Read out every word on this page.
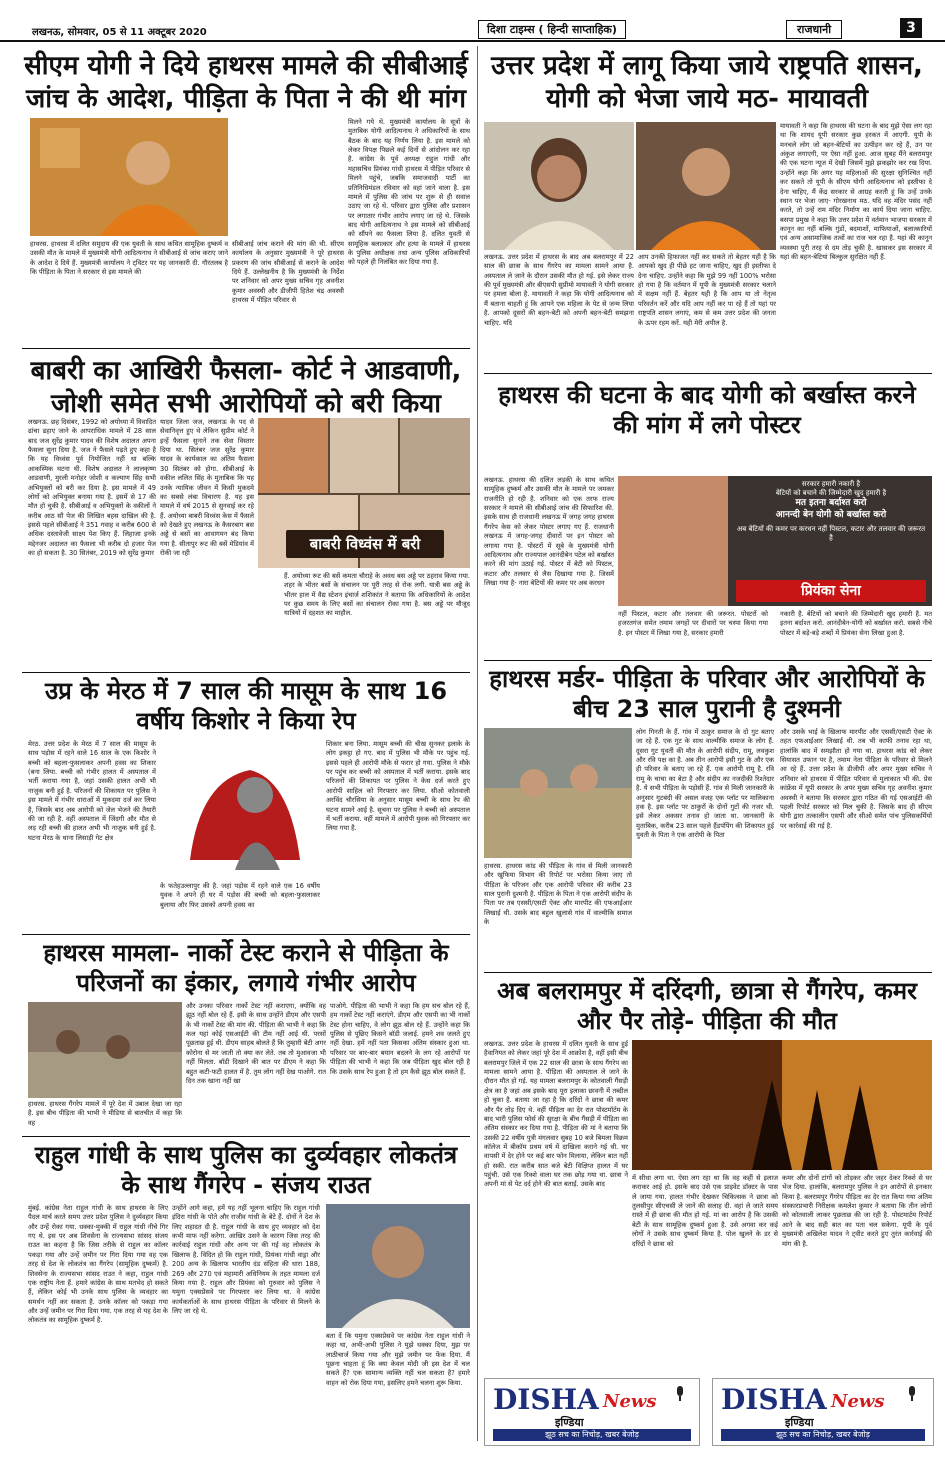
लखनऊ, सोमवार, 05 से 11 अक्टूबर 2020	दिशा टाइम्स ( हिन्दी साप्ताहिक)	राजधानी	3
सीएम योगी ने दिये हाथरस मामले की सीबीआई जांच के आदेश, पीड़िता के पिता ने की थी मांग
हाथरस. हाथरस में दलित समुदाय की एक युवती के साथ कथित सामूहिक दुष्कर्म व उसकी मौत के मामले में मुख्यमंत्री योगी आदित्यनाथ ने सीबीआई से जांच कराए जाने के आदेश दे दिये हैं. मुख्यमंत्री कार्यालय ने ट्विटर पर यह जानकारी दी. गौरतलब है कि पीड़िता के पिता ने सरकार से इस मामले की
सीबीआई जांच कराने की मांग की थी. सीएम कार्यालय के अनुसार मुख्यमंत्री ने पूरे हाथरस प्रकरण की जांच सीबीआई से कराने के आदेश दिये हैं. उल्लेखनीय है कि मुख्यमंत्री के निर्देश पर शनिवार को अपर मुख्य सचिव गृह अवनीश कुमार अवस्थी और डीजीपी हितेश चंद्र अवस्थी हाथरस में पीड़ित परिवार से
मिलने गये थे. मुख्यमंत्री कार्यालय के सूत्रों के मुताबिक योगी आदित्यनाथ ने अधिकारियों के साथ बैठक के बाद यह निर्णय लिया है. इस मामले को लेकर विपक्ष पिछले कई दिनों से आंदोलन कर रहा है. कांग्रेस के पूर्व अध्यक्ष राहुल गांधी और महासचिव प्रियंका गांधी हाथरस में पीड़ित परिवार से मिलने पहुंचे, जबकि समाजवादी पार्टी का प्रतिनिधिमंडल रविवार को वहां जाने वाला है. इस मामले में पुलिस की जांच पर शुरू से ही सवाल उठाए जा रहे थे. परिवार द्वारा पुलिस और प्रशासन पर लगातार गंभीर आरोप लगाए जा रहे थे. जिसके बाद योगी आदित्यनाथ ने इस मामले को सीबीआई को सौंपने का फैसला लिया है. दलित युवती से सामूहिक बलात्कार और हत्या के मामले में हाथरस के पुलिस अधीक्षक तथा अन्य पुलिस अधिकारियों को पहले ही निलंबित कर दिया गया है.
उत्तर प्रदेश में लागू किया जाये राष्ट्रपति शासन, योगी को भेजा जाये मठ- मायावती
लखनऊ. उत्तर प्रदेश में हाथरस के बाद अब बलरामपुर में 22 साल की छात्रा के साथ गैंगरेप का मामला सामने आया है. अस्पताल ले जाने के दौरान उसकी मौत हो गई. इसे लेकर राज्य की पूर्व मुख्यमंत्री और बीएसपी सुप्रीमो मायावती ने योगी सरकार पर हमला बोला है. मायावती ने कहा कि योगी आदित्यनाथ को मैं बताना चाहती हूं कि आपने एक महिला के पेट से जन्म लिया है. आपको दूसरों की बहन-बेटी को अपनी बहन-बेटी समझना चाहिए. यदि
आप उनकी हिफाजत नहीं कर सकते तो बेहतर यही है कि आपको खुद ही पीछे हट जाना चाहिए, खुद ही इस्तीफा दे देना चाहिए. उन्होंने कहा कि मुझे 99 नहीं 100% भरोसा हो गया है कि वर्तमान में यूपी के मुख्यमंत्री सरकार चलाने में सक्षम नहीं हैं. बेहतर यही है कि आप या तो नेतृत्व परिवर्तन करें और यदि आप नहीं कर पा रहे हैं तो यहां पर राष्ट्रपति शासन लगाएं, कम से कम उत्तर प्रदेश की जनता के ऊपर रहम करें. यही मेरी अपील है.
मायावती ने कहा कि हाथरस की घटना के बाद मुझे ऐसा लग रहा था कि शायद यूपी सरकार कुछ हरकत में आएगी. यूपी के मनचले लोग जो बहन-बेटियों का उत्पीड़न कर रहे हैं, उन पर अंकुश लगाएगी, पर ऐसा नहीं हुआ. आज सुबह मैंने बलरामपुर की एक घटना न्यूज में देखी जिसमें मुझे झकझोर कर रख दिया. उन्होंने कहा कि अगर यह महिलाओं की सुरक्षा सुनिश्चित नहीं कर सकते तो यूपी के सीएम योगी आदित्यनाथ को इस्तीफा दे देना चाहिए, मैं केंद्र सरकार से आग्रह करती हूं कि उन्हें उनके स्थान पर भेजा जाए- गोरखनाथ मठ. यदि वह मंदिर पसंद नहीं करते, तो उन्हें राम मंदिर निर्माण का कार्य दिया जाना चाहिए. बसपा प्रमुख ने कहा कि उत्तर प्रदेश में वर्तमान भाजपा सरकार में कानून का नहीं बल्कि गुंडों, बदमाशों, माफियाओं, बलात्कारियों एवं अन्य असामाजिक तत्वों का राज चल रहा है. यहां की कानून व्यवस्था पूरी तरह से दम तोड़ चुकी है. खासकर इस सरकार में यहां की बहन-बेटियां बिल्कुल सुरक्षित नहीं हैं.
बाबरी का आखिरी फैसला- कोर्ट ने आडवाणी, जोशी समेत सभी आरोपियों को बरी किया
लखनऊ. छह दिसंबर, 1992 को अयोध्या में विवादित ढांचा ढहाए जाने के आपराधिक मामले में 28 साल बाद जज सुरेंद्र कुमार यादव की विशेष अदालत अपना फैसला सुना दिया है. जज ने फैसले पढ़ते हुए कहा है कि यह विध्वंस पूर्व नियोजित नहीं था बल्कि आकस्मिक घटना थी. विशेष अदालत ने लालकृष्ण आडवाणी, मुरली मनोहर जोशी व कल्याण सिंह सभी अभियुक्तों को बरी कर दिया है. इस मामले में 49 लोगों को अभियुक्त बनाया गया है. इसमें से 17 की मौत हो चुकी है. सीबीआई व अभियुक्तों के वकीलों ने करीब आठ सौ पेज की लिखित बहस दाखिल की है. इससे पहले सीबीआई ने 351 गवाह व करीब 600 से अधिक दस्तावेजी साक्ष्य पेश किए हैं. लिहाजा इनके मद्देनजर अदालत का फैसला भी करीब दो हजार पेज का हो सकता है. 30 सितंबर, 2019 को सुरेंद्र कुमार
बाबरी विध्वंस में बरी
यादव जिला जज, लखनऊ के पद से सेवानिवृत्त हुए थे लेकिन सुप्रीम कोर्ट ने इन्हें फैसला सुनाने तक सेवा विस्तार दिया था. सितंबर जज सुरेंद्र कुमार यादव के कार्यकाल का अंतिम फैसला 30 सितंबर को होगा. सीबीआई के वकील ललित सिंह के मुताबिक कि यह उनके न्यायिक जीवन में किसी मुकदमे का सबसे लंबा विचारण है. यह इस मामले में वर्ष 2015 से सुनवाई कर रहे हैं. अयोध्या बाबरी विध्वंस केस में फैसले को देखते हुए लखनऊ के कैसरबाग बस अड्डे से बसों का आवागमन बंद किया गया है. सीतापुर रूट की बसें मेडियांव में रोकी जा रही
हैं. अयोध्या रूट की बसें कमता चौराहे के अवध बस अड्डे पर ठहराव किया गया. शहर के भीतर बसों के संचालन पर पूरी तरह से रोक लगी. यात्री बस अड्डे के भीतर हाल में वैद्य स्टेशन इंचार्ज शशिकांत ने बताया कि अधिकारियों के आदेश पर कुछ समय के लिए बसों का संचालन रोका गया है. बस अड्डे पर मौजूद यात्रियों में दहशत का माहौल.
हाथरस की घटना के बाद योगी को बर्खास्त करने की मांग में लगे पोस्टर
लखनऊ. हाथरस की दलित लड़की के साथ कथित सामूहिक दुष्कर्म और उसकी मौत के मामले पर जमकर राजनीति हो रही है. शनिवार को एक तरफ राज्य सरकार ने मामले की सीबीआई जांच की सिफारिश की. इसके साथ ही राजधानी लखनऊ में जगह जगह हाथरस गैंगरेप केस को लेकर पोस्टर लगाए गए हैं. राजधानी लखनऊ में जगह-जगह दीवारों पर इन पोस्टर को लगाया गया है. पोस्टरों में सूबे के मुख्यमंत्री योगी आदित्यनाथ और राज्यपाल आनंदीबेन पटेल को बर्खास्त करने की मांग उठाई गई. पोस्टर में बेटी को पिस्टल, कटार और तलवार से लैस दिखाया गया है. जिसमें लिखा गया है- नारा बेटियों की कमर पर अब करधन
सरकार हमारी नकारी है
बेटियों को बचाने की जिम्मेदारी खुद हमारी है
मत इतना बर्दाश्त करो
आनन्दी बेन योगी को बर्खास्त करो
अब बेटियों की कमर पर करधन नहीं पिस्टल, कटार और तलवार की जरूरत है
प्रियंका सेना
नहीं पिस्टल, कटार और तलवार की जरूरत. पोस्टरों को हजरतगंज समेत तमाम जगहों पर दीवारों पर चस्पा किया गया है. इन पोस्टर में लिखा गया है, सरकार हमारी
नकारी है. बेटियों को बचाने की जिम्मेदारी खुद हमारी है. मत इतना बर्दाश्त करो. आनंदीबेन-योगी को बर्खास्त करो. सबसे नीचे पोस्टर में बड़े-बड़े शब्दों में प्रियंका सेना लिखा हुआ है.
उप्र के मेरठ में 7 साल की मासूम के साथ 16 वर्षीय किशोर ने किया रेप
मेरठ. उत्तर प्रदेश के मेरठ में 7 साल की मासूम के साथ पड़ोस में रहने वाले 16 साल के एक किशोर ने बच्ची को बहला-फुसलाकर अपनी हवस का शिकार (बना लिया. बच्ची को गंभीर हालत में अस्पताल में भर्ती कराया गया है, जहां उसकी हालत अभी भी नाजुक बनी हुई है. परिजनों की शिकायत पर पुलिस ने इस मामले में गंभीर धाराओं में मुकदमा दर्ज कर लिया है, जिसके बाद अब आरोपी को जेल भेजने की तैयारी की जा रही है. वहीं अस्पताल में जिंदगी और मौत से लड़ रही बच्ची की हालत अभी भी नाजुक बनी हुई है. घटना मेरठ के थाना लिसाड़ी गेट क्षेत्र
के फतेहउल्लापुर की है. जहां पड़ोस में रहने वाले एक 16 वर्षीय युवक ने अपने ही घर में पड़ोस की बच्ची को बहला-फुसलाकर बुलाया और फिर उसको अपनी हवस का
शिकार बना लिया. मासूम बच्ची की चीख सुनकर इलाके के लोग इकट्ठा हो गए. बाद में पुलिस भी मौके पर पहुंच गई. इससे पहले ही आरोपी मौके से फरार हो गया. पुलिस ने मौके पर पहुंच कर बच्ची को अस्पताल में भर्ती कराया. इसके बाद परिजनों की शिकायत पर पुलिस ने केस दर्ज करते हुए आरोपी साहिल को गिरफ्तार कर लिया. सीओ कोतवाली अरविंद चौरसिया के अनुसार मासूम बच्ची के साथ रेप की घटना सामने आई है. सूचना पर पुलिस ने बच्ची को अस्पताल में भर्ती कराया. वहीं मामले में आरोपी युवक को गिरफ्तार कर लिया गया है.
हाथरस मर्डर- पीड़िता के परिवार और आरोपियों के बीच 23 साल पुरानी है दुश्मनी
हाथरस. हाथरस कांड की पीड़िता के गांव से मिली जानकारी और खुफिया विभाग की रिपोर्ट पर भरोसा किया जाए तो पीड़िता के परिजन और एक आरोपी परिवार की करीब 23 साल पुरानी दुश्मनी है. पीड़िता के पिता ने एक आरोपी संदीप के पिता पर तब एससी/एसटी ऐक्ट और मारपीट की एफआईआर लिखाई थी. उसके बाद बहुल खुलासे गांव में वाल्मीकि समाज के
लोग गिनती के हैं. गांव में ठाकुर समाज के दो गुट बताए जा रहे हैं. एक गुट के साथ वाल्मीकि समाज के लोग हैं. दूसरा गुट युवती की मौत के आरोपी संदीप, रामू, लवकुश और रवि पक्ष का है. अब तीन आरोपी इसी गुट के और एक ही परिवार के बताए जा रहे हैं. एक आरोपी रामू है. रवि रामू के चाचा का बेटा है और संदीप का नजदीकी रिश्तेदार है. ये सभी पीड़िता के पड़ोसी हैं. गांव से मिली जानकारी के अनुसार गुटबंदी की असल वजह एक प्लॉट पर मालिकाना हक है. इस प्लॉट पर ठाकुरों के दोनों गुटों की नजर थी. इसे लेकर अकसर तनाव हो जाता था. जानकारी के मुताबिक, करीब 23 साल पहले हैंडपंपिंग की शिकायत हुई युवती के पिता ने एक आरोपी के पिता
और उसके भाई के खिलाफ मारपीट और एससी/एसटी ऐक्ट के तहत एफआईआर लिखाई थी. तब भी काफी तनाव रहा था, हालांकि बाद में समझौता हो गया था. हाथरस कांड को लेकर सियासत उफान पर है, तमाम नेता पीड़िता के परिवार से मिलने आ रहे हैं. उत्तर प्रदेश के डीजीपी और अपर मुख्य सचिव ने शनिवार को हाथरस में पीड़ित परिवार से मुलाकात भी की. प्रेस कांफ्रेंस में यूपी सरकार के अपर मुख्य सचिव गृह अवनीश कुमार अवस्थी ने बताया कि सरकार द्वारा गठित की गई एसआईटी की पहली रिपोर्ट सरकार को मिल चुकी है. जिसके बाद ही सीएम योगी द्वारा तत्कालीन एसपी और सीओ समेत पांच पुलिसकर्मियों पर कार्रवाई की गई है.
हाथरस मामला- नार्को टेस्ट कराने से पीड़िता के परिजनों का इंकार, लगाये गंभीर आरोप
हाथरस. हाथरस गैंगरेप मामले में पूरे देश में उबाल देखा जा रहा है. इस बीच पीड़िता की भाभी ने मीडिया से बातचीत में कहा कि वह
और उनका परिवार नार्को टेस्ट नहीं कराएगा, क्योंकि वह झूठ नहीं बोल रहे हैं. इसी के साथ उन्होंने डीएम और एसपी के भी नार्को टेस्ट की मांग की. पीड़िता की भाभी ने कहा कि कल यहां कोई एसआईटी की टीम नहीं आई थी. परसों पूछताछ हुई थी. डीएम साहब बोलते हैं कि तुम्हारी बेटी अगर कोरोना से मर जाती तो क्या कर लेते. तब तो मुआवजा भी नहीं मिलता. बॉडी दिखाने की बात पर डीएम ने कहा कि बहुत कटी-फटी हालत में है. तुम लोग नहीं देख पाओगे. रात दिन तक खाना नहीं खा
पाओगे. पीड़िता की भाभी ने कहा कि हम सच बोल रहे हैं, हम नार्को टेस्ट नहीं कराएंगे. डीएम और एसपी का भी नार्को टेस्ट होना चाहिए, वे लोग झूठ बोल रहे हैं. उन्होंने कहा कि पुलिस से पूछिए किसने बॉडी जलाई. हमने शव जलते हुए नहीं देखा. हमें नहीं पता किसका अंतिम संस्कार हुआ था. परिवार पर बार-बार बयान बदलने के लग रहे आरोपों पर पीड़िता की भाभी ने कहा कि जब पीड़िता खुद बोल रही है कि उसके साथ रेप हुआ है तो हम कैसे झूठ बोल सकते हैं.
राहुल गांधी के साथ पुलिस का दुर्व्यवहार लोकतंत्र के साथ गैंगरेप - संजय राउत
मुंबई. कांग्रेस नेता राहुल गांधी के साथ हाथरस के लिए पैदल मार्च करते समय उत्तर प्रदेश पुलिस ने दुर्व्यवहार किया और उन्हें रोका गया. धक्का-मुक्की में राहुल गांधी नीचे गिर गए थे. इस पर अब शिवसेना के राज्यसभा सांसद संजय राउत का कहना है कि जिस तरीके से राहुल का कॉलर पकड़ा गया और उन्हें जमीन पर गिरा दिया गया वह एक तरह से देश के लोकतंत्र का गैंगरेप (सामूहिक दुष्कर्म) है. शिवसेना के राज्यसभा सांसद राउत ने कहा, राहुल गांधी एक राष्ट्रीय नेता हैं. हमारे कांग्रेस के साथ मतभेद हो सकते हैं, लेकिन कोई भी उनके साथ पुलिस के व्यवहार का समर्थन नहीं कर सकता है. उनके कॉलर को पकड़ा गया और उन्हें जमीन पर गिरा दिया गया. एक तरह से यह देश के लोकतंत्र का सामूहिक दुष्कर्म है.
उन्होंने आगे कहा, हमें यह नहीं भूलना चाहिए कि राहुल गांधी इंदिरा गांधी के पोते और राजीव गांधी के बेटे हैं. दोनों ने देश के लिए शहादत दी है. राहुल गांधी के साथ हुए व्यवहार को देश कभी माफ नहीं करेगा. आखिर उसने के कारण जिस तरह की कार्रवाई राहुल गांधी और अन्य पर की गई वह लोकतंत्र के खिलाफ है. विदित हो कि राहुल गांधी, प्रियंका गांधी वाड्रा और 200 अन्य के खिलाफ भारतीय दंड संहिता की धारा 188, 269 और 270 एवं महामारी अधिनियम के तहत मामला दर्ज किया गया है. राहुल और प्रियंका को गुरुवार को पुलिस ने यमुना एक्सप्रेसवे पर गिरफ्तार कर लिया था. वे कांग्रेस कार्यकर्ताओं के साथ हाथरस पीड़िता के परिवार से मिलने के लिए जा रहे थे.
बता दें कि यमुना एक्सप्रेसवे पर कांग्रेस नेता राहुल गांधी ने कहा था, अभी-अभी पुलिस ने मुझे धक्का दिया, मुझ पर लाठीचार्ज किया गया और मुझे जमीन पर फेंक दिया. मैं पूछना चाहता हूं कि क्या केवल मोदी जी इस देश में चल सकते हैं? एक सामान्य व्यक्ति नहीं चल सकता है? हमारे वाहन को रोक दिया गया, इसलिए हमने चलना शुरू किया.
अब बलरामपुर में दरिंदगी, छात्रा से गैंगरेप, कमर और पैर तोड़े- पीड़िता की मौत
लखनऊ. उत्तर प्रदेश के हाथरस में दलित युवती के साथ हुई हैवानियत को लेकर जहां पूरे देश में आक्रोश है, वहीं इसी बीच बलरामपुर जिले में एक 22 साल की छात्रा के साथ गैंगरेप का मामला सामने आया है. पीड़िता की अस्पताल ले जाने के दौरान मौत हो गई. यह मामला बलरामपुर के कोतवाली गैंसड़ी क्षेत्र का है जहां अब इसके बाद पूरा इलाका छावनी में तब्दील हो चुका है. बताया जा रहा है कि दरिंदों ने छात्रा की कमर और पैर तोड़ दिए थे. वहीं पीड़िता का देर रात पोस्टमॉर्टम के बाद भारी पुलिस फोर्स की सुरक्षा के बीच गैंसड़ी में पीड़िता का अंतिम संस्कार कर दिया गया है. पीड़िता की मां ने बताया कि उसकी 22 वर्षीय पुत्री मंगलवार सुबह 10 बजे बिमला विक्रम कॉलेज में बीकॉम प्रथम वर्ष में दाखिला कराने गई थी. घर वापसी में देर होने पर कई बार फोन मिलाया, लेकिन बात नहीं हो सकी. रात करीब सात बजे बेटी विक्षिप्त हालत में घर पहुंची. उसे एक रिक्शे वाला घर तक छोड़ गया था. छात्रा ने अपनी मां से पेट दर्द होने की बात बताई. उसके बाद
में सीधा लगा था. ऐसा लग रहा था कि वह कहीं से इलाज कराकर आई हो. इसके बाद उसे एक प्राइवेट डॉक्टर के पास ले जाया गया. हालत गंभीर देखकर चिकित्सक ने छात्रा को तुलसीपुर सीएचसी ले जाने की सलाह दी. वहां ले जाते समय रास्ते में ही छात्रा की मौत हो गई. मां का आरोप है कि उसकी बेटी के साथ सामूहिक दुष्कर्म हुआ है. उसे अगवा कर कई लोगों ने उसके साथ दुष्कर्म किया है. पोल खुलने के डर से दरिंदों ने छात्रा को
कमर और दोनों टांगों को तोड़कर और जहर देकर रिक्शे से घर भेज दिया. हालांकि, बलरामपुर पुलिस ने इन आरोपों से इनकार किया है. बलरामपुर गैंगरेप पीड़िता का देर रात किया गया अंतिम संस्कारप्रभारी निरीक्षक कमलेश कुमार ने बताया कि तीन लोगों को कोतवाली लाकर पूछताछ की जा रही है. पोस्टमार्टम रिपोर्ट आने के बाद सही बात का पता चल सकेगा. यूपी के पूर्व मुख्यमंत्री अखिलेश यादव ने ट्वीट करते हुए तुरंत कार्रवाई की मांग की है.
DISHA News
इण्डिया
झूठ सच का निचोड़, खबर बेजोड़
DISHA News
इण्डिया
झूठ सच का निचोड़, खबर बेजोड़
